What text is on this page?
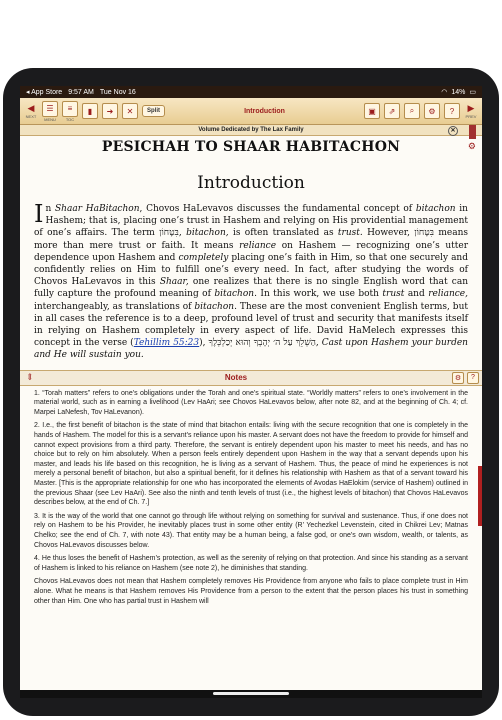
◂ App Store 9:57 AM Tue Nov 16	◠ 14% ▭
◀
NEXT
☰
MENU
≡
TOC
▮	➜	✕	Split	Introduction	▣	⇗	⌕	⚙	?	▶
PREV
Volume Dedicated by The Lax Family	✕
PESICHAH TO SHAAR HABITACHON
Introduction
In Shaar HaBitachon, Chovos HaLevavos discusses the fundamental concept of bitachon in Hashem; that is, placing one’s trust in Hashem and relying on His providential management of one’s affairs. The term בִּטָּחוֹן, bitachon, is often translated as trust. However, בִּטָּחוֹן means more than mere trust or faith. It means reliance on Hashem — recognizing one’s utter dependence upon Hashem and completely placing one’s faith in Him, so that one securely and confidently relies on Him to fulfill one’s every need. In fact, after studying the words of Chovos HaLevavos in this Shaar, one realizes that there is no single English word that can fully capture the profound meaning of bitachon. In this work, we use both trust and reliance, interchangeably, as translations of bitachon. These are the most convenient English terms, but in all cases the reference is to a deep, profound level of trust and security that manifests itself in relying on Hashem completely in every aspect of life. David HaMelech expresses this concept in the verse (Tehillim 55:23), הַשְׁלֵךְ עַל ה׳ יְהָבְךָ וְהוּא יְכַלְכְּלֶךָ, Cast upon Hashem your burden and He will sustain you.
⇕	Notes	⚙	?

1. “Torah matters” refers to one’s obligations under the Torah and one’s spiritual state. “Worldly matters” refers to one’s involvement in the material world, such as in earning a livelihood (Lev HaAri; see Chovos HaLevavos below, after note 82, and at the beginning of Ch. 4; cf. Marpei LaNefesh, Tov HaLevanon).

2. I.e., the first benefit of bitachon is the state of mind that bitachon entails: living with the secure recognition that one is completely in the hands of Hashem. The model for this is a servant’s reliance upon his master. A servant does not have the freedom to provide for himself and cannot expect provisions from a third party. Therefore, the servant is entirely dependent upon his master to meet his needs, and has no choice but to rely on him absolutely. When a person feels entirely dependent upon Hashem in the way that a servant depends upon his master, and leads his life based on this recognition, he is living as a servant of Hashem. Thus, the peace of mind he experiences is not merely a personal benefit of bitachon, but also a spiritual benefit, for it defines his relationship with Hashem as that of a servant toward his Master. [This is the appropriate relationship for one who has incorporated the elements of Avodas HaElokim (service of Hashem) outlined in the previous Shaar (see Lev HaAri). See also the ninth and tenth levels of trust (i.e., the highest levels of bitachon) that Chovos HaLevavos describes below, at the end of Ch. 7.]

3. It is the way of the world that one cannot go through life without relying on something for survival and sustenance. Thus, if one does not rely on Hashem to be his Provider, he inevitably places trust in some other entity (R’ Yechezkel Levenstein, cited in Chikrei Lev; Matnas Chelko; see the end of Ch. 7, with note 43). That entity may be a human being, a false god, or one’s own wisdom, wealth, or talents, as Chovos HaLevavos discusses below.

4. He thus loses the benefit of Hashem’s protection, as well as the serenity of relying on that protection. And since his standing as a servant of Hashem is linked to his reliance on Hashem (see note 2), he diminishes that standing.

Chovos HaLevavos does not mean that Hashem completely removes His Providence from anyone who fails to place complete trust in Him alone. What he means is that Hashem removes His Providence from a person to the extent that the person places his trust in something other than Him. One who has partial trust in Hashem will

⚙
